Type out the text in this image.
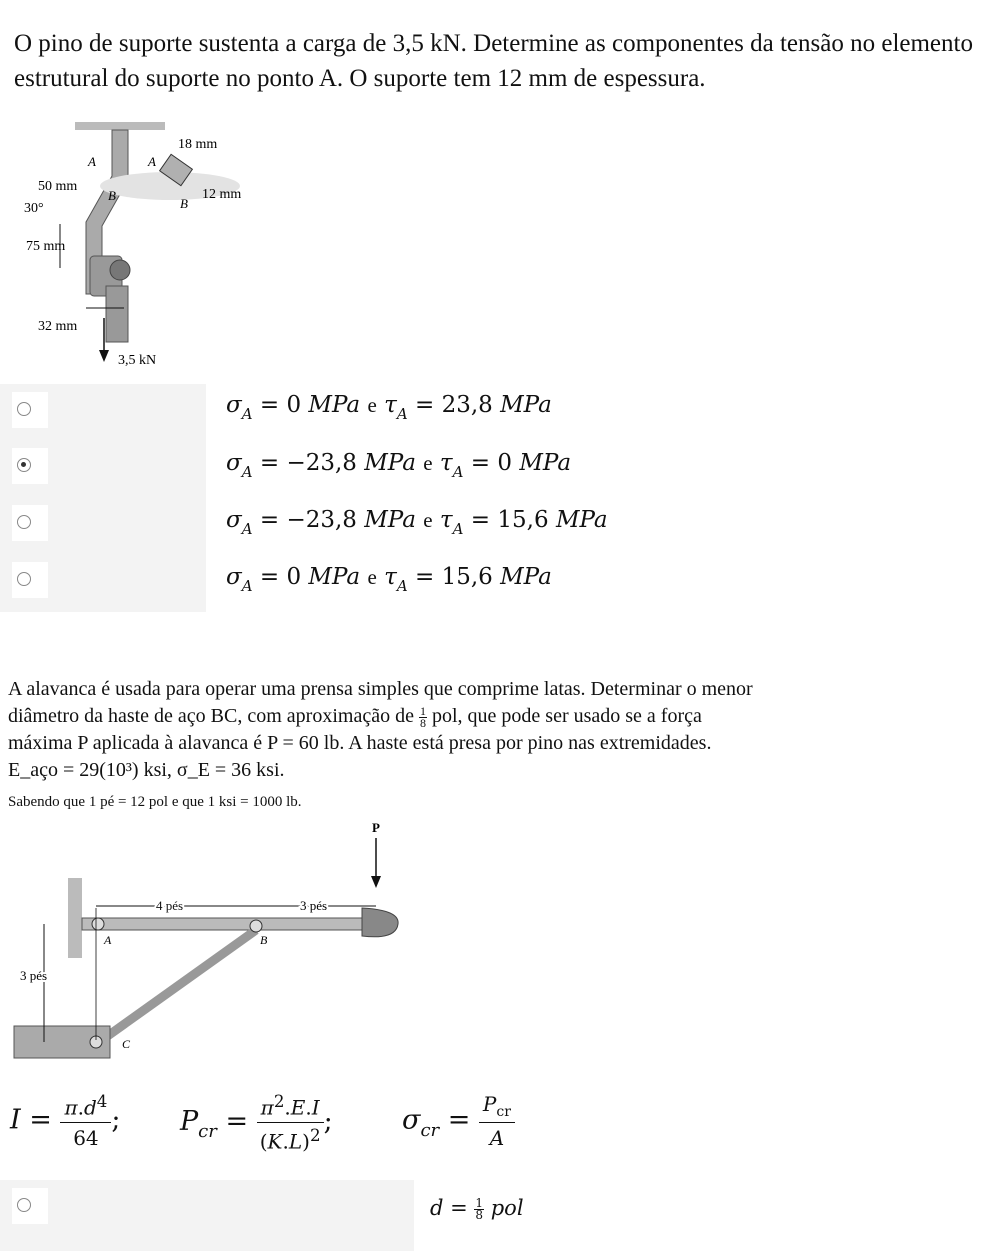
O pino de suporte sustenta a carga de 3,5 kN. Determine as componentes da tensão no elemento

estrutural do suporte no ponto A. O suporte tem 12 mm de espessura.

3,5 kN
A	A
B
B
18 mm
12 mm
50 mm
30°
75 mm
32 mm
$\sigma_A = 0$ MPa e $\tau_A = 23,8$ MPa
$\sigma_A = -23,8$ MPa e $\tau_A = 0$ MPa
$\sigma_A = -23,8$ MPa e $\tau_A = 15,6$ MPa
$\sigma_A = 0$ MPa e $\tau_A = 15,6$ MPa

A alavanca é usada para operar uma prensa simples que comprime latas. Determinar o menor

diâmetro da haste de aço BC, com aproximação de $\frac{1}{8}$ pol, que pode ser usado se a força

máxima P aplicada à alavanca é P = 60 lb. A haste está presa por pino nas extremidades.

E_aço = 29(10³) ksi, σ_E = 36 ksi.

Sabendo que 1 pé = 12 pol e que 1 ksi = 1000 lb.
P
4 pés	3 pés
3 pés
A	B
C
$I = \frac{\pi.d^4}{64}$ ; $P_{cr} = \frac{\pi^2.E.I}{(K.L)^2}$ ;	$\sigma_{cr}$ =
$P_{cr}$
A
$d = \frac{1}{8}$ pol
